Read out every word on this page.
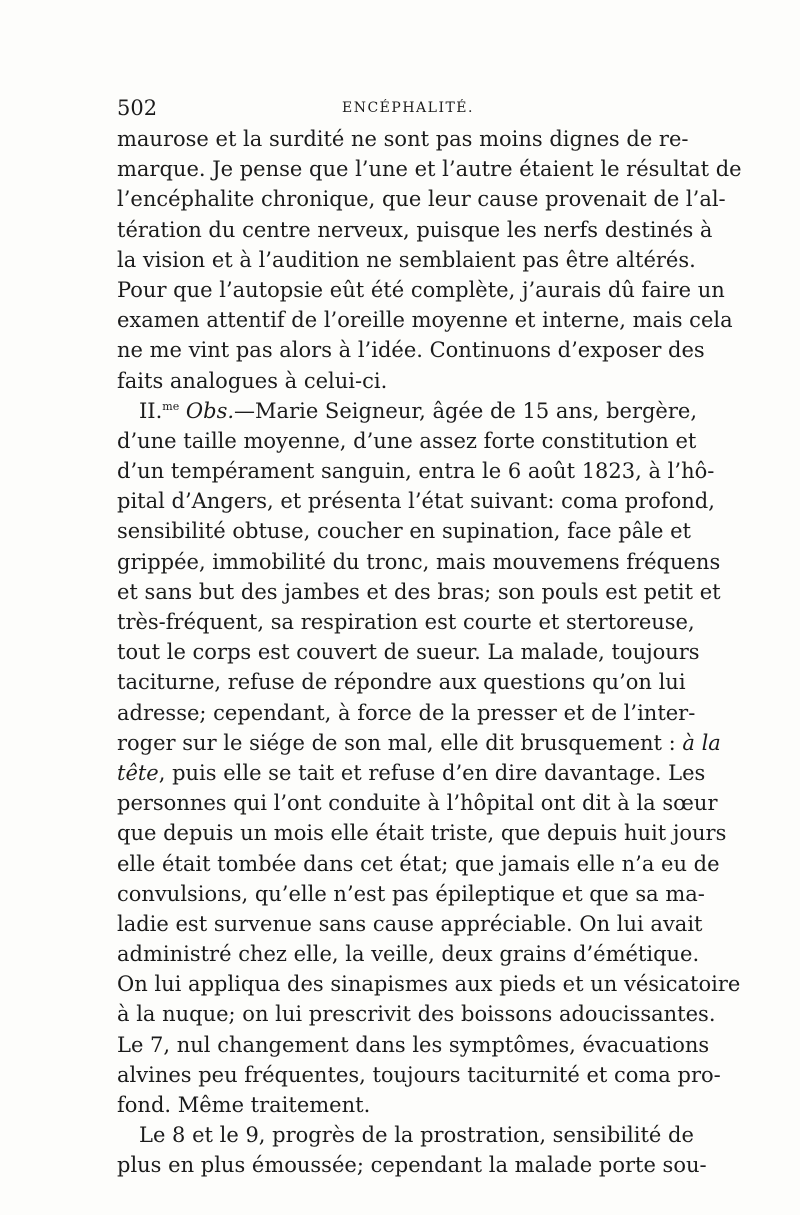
502	ENCÉPHALITÉ.
maurose et la surdité ne sont pas moins dignes de re-
marque. Je pense que l’une et l’autre étaient le résultat de
l’encéphalite chronique, que leur cause provenait de l’al-
tération du centre nerveux, puisque les nerfs destinés à
la vision et à l’audition ne semblaient pas être altérés.
Pour que l’autopsie eût été complète, j’aurais dû faire un
examen attentif de l’oreille moyenne et interne, mais cela
ne me vint pas alors à l’idée. Continuons d’exposer des
faits analogues à celui-ci.
II.$^{me}$ Obs.—Marie Seigneur, âgée de 15 ans, bergère,
d’une taille moyenne, d’une assez forte constitution et
d’un tempérament sanguin, entra le 6 août 1823, à l’hô-
pital d’Angers, et présenta l’état suivant: coma profond,
sensibilité obtuse, coucher en supination, face pâle et
grippée, immobilité du tronc, mais mouvemens fréquens
et sans but des jambes et des bras; son pouls est petit et
très-fréquent, sa respiration est courte et stertoreuse,
tout le corps est couvert de sueur. La malade, toujours
taciturne, refuse de répondre aux questions qu’on lui
adresse; cependant, à force de la presser et de l’inter-
roger sur le siége de son mal, elle dit brusquement : à la
tête, puis elle se tait et refuse d’en dire davantage. Les
personnes qui l’ont conduite à l’hôpital ont dit à la sœur
que depuis un mois elle était triste, que depuis huit jours
elle était tombée dans cet état; que jamais elle n’a eu de
convulsions, qu’elle n’est pas épileptique et que sa ma-
ladie est survenue sans cause appréciable. On lui avait
administré chez elle, la veille, deux grains d’émétique.
On lui appliqua des sinapismes aux pieds et un vésicatoire
à la nuque; on lui prescrivit des boissons adoucissantes.
Le 7, nul changement dans les symptômes, évacuations
alvines peu fréquentes, toujours taciturnité et coma pro-
fond. Même traitement.
Le 8 et le 9, progrès de la prostration, sensibilité de
plus en plus émoussée; cependant la malade porte sou-
